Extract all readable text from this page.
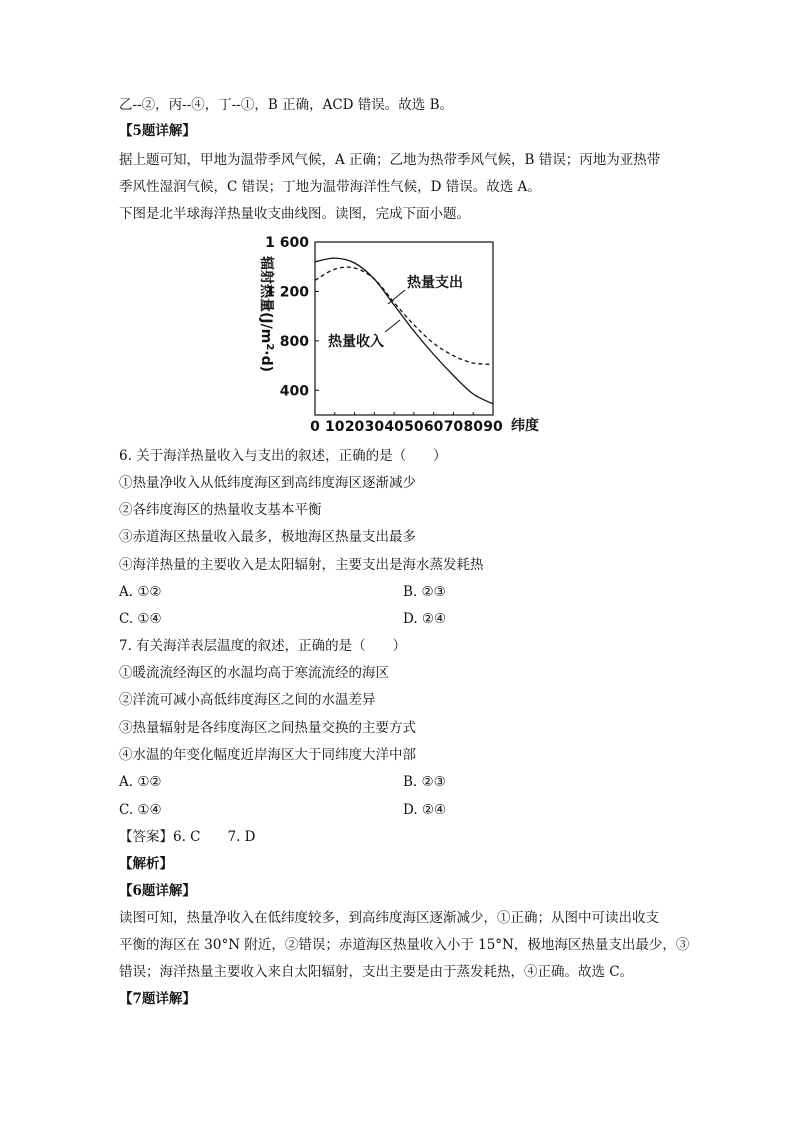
乙--②，丙--④，丁--①，B 正确，ACD 错误。故选 B。
【5题详解】
据上题可知，甲地为温带季风气候，A 正确；乙地为热带季风气候，B 错误；丙地为亚热带
季风性湿润气候，C 错误；丁地为温带海洋性气候，D 错误。故选 A。
下图是北半球海洋热量收支曲线图。读图，完成下面小题。
400
800
1 200
1 600
0 10 20 30 40 50 60 70 80 90
辐射热量$(J/m^2\cdot d)$
纬度
热量支出
热量收入
6. 关于海洋热量收入与支出的叙述，正确的是（　　）
①热量净收入从低纬度海区到高纬度海区逐渐减少
②各纬度海区的热量收支基本平衡
③赤道海区热量收入最多，极地海区热量支出最多
④海洋热量的主要收入是太阳辐射，主要支出是海水蒸发耗热
A. ①②	B. ②③
C. ①④	D. ②④
7. 有关海洋表层温度的叙述，正确的是（　　）
①暖流流经海区的水温均高于寒流流经的海区
②洋流可减小高低纬度海区之间的水温差异
③热量辐射是各纬度海区之间热量交换的主要方式
④水温的年变化幅度近岸海区大于同纬度大洋中部
A. ①②	B. ②③
C. ①④	D. ②④
【答案】6. C　　7. D
【解析】
【6题详解】
读图可知，热量净收入在低纬度较多，到高纬度海区逐渐减少，①正确；从图中可读出收支
平衡的海区在 30°N 附近，②错误；赤道海区热量收入小于 15°N，极地海区热量支出最少，③
错误；海洋热量主要收入来自太阳辐射，支出主要是由于蒸发耗热，④正确。故选 C。
【7题详解】
